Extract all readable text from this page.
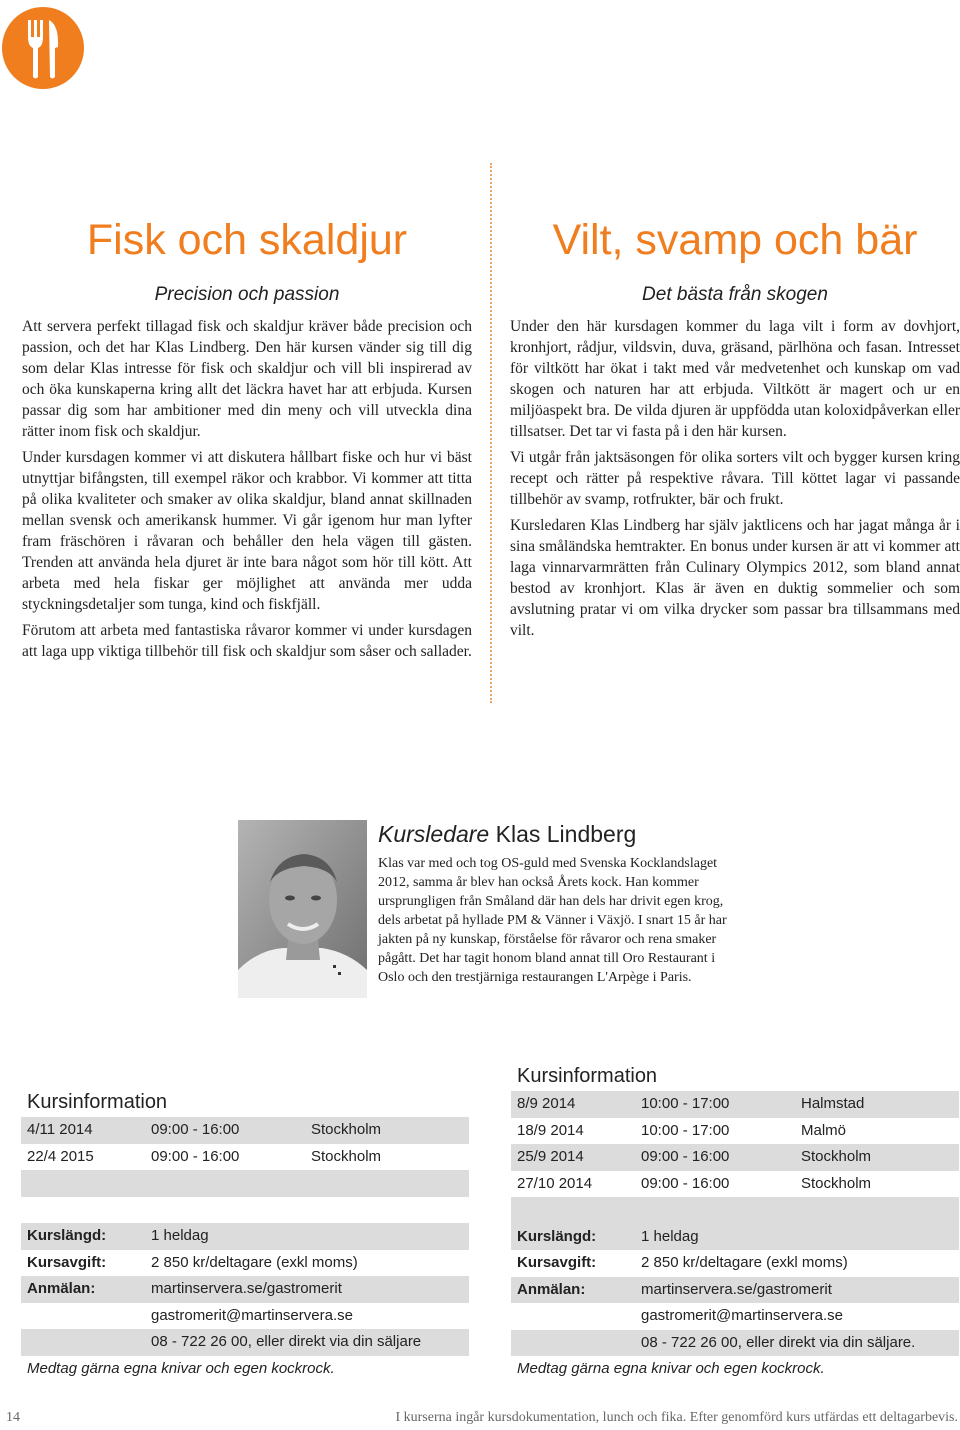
Fisk och skaldjur
Precision och passion

Att servera perfekt tillagad fisk och skaldjur kräver både precision och passion, och det har Klas Lindberg. Den här kursen vänder sig till dig som delar Klas intresse för fisk och skaldjur och vill bli inspirerad av och öka kunskaperna kring allt det läckra havet har att erbjuda. Kursen passar dig som har ambitioner med din meny och vill utveckla dina rätter inom fisk och skaldjur.

Under kursdagen kommer vi att diskutera hållbart fiske och hur vi bäst utnyttjar bifångsten, till exempel räkor och krabbor. Vi kommer att titta på olika kvaliteter och smaker av olika skaldjur, bland annat skillnaden mellan svensk och amerikansk hummer. Vi går igenom hur man lyfter fram fräschören i råvaran och behåller den hela vägen till gästen. Trenden att använda hela djuret är inte bara något som hör till kött. Att arbeta med hela fiskar ger möjlighet att använda mer udda styckningsdetaljer som tunga, kind och fiskfjäll.

Förutom att arbeta med fantastiska råvaror kommer vi under kursdagen att laga upp viktiga tillbehör till fisk och skaldjur som såser och sallader.

Vilt, svamp och bär
Det bästa från skogen

Under den här kursdagen kommer du laga vilt i form av dovhjort, kronhjort, rådjur, vildsvin, duva, gräsand, pärlhöna och fasan. Intresset för viltkött har ökat i takt med vår medvetenhet och kunskap om vad skogen och naturen har att erbjuda. Viltkött är magert och ur en miljöaspekt bra. De vilda djuren är uppfödda utan koloxidpåverkan eller tillsatser. Det tar vi fasta på i den här kursen.

Vi utgår från jaktsäsongen för olika sorters vilt och bygger kursen kring recept och rätter på respektive råvara. Till köttet lagar vi passande tillbehör av svamp, rotfrukter, bär och frukt.

Kursledaren Klas Lindberg har själv jaktlicens och har jagat många år i sina småländska hemtrakter. En bonus under kursen är att vi kommer att laga vinnarvarmrätten från Culinary Olympics 2012, som bland annat bestod av kronhjort. Klas är även en duktig sommelier och som avslutning pratar vi om vilka drycker som passar bra tillsammans med vilt.

Kursledare Klas Lindberg

Klas var med och tog OS-guld med Svenska Kocklandslaget 2012, samma år blev han också Årets kock. Han kommer ursprungligen från Småland där han dels har drivit egen krog, dels arbetat på hyllade PM & Vänner i Växjö. I snart 15 år har jakten på ny kunskap, förståelse för råvaror och rena smaker pågått. Det har tagit honom bland annat till Oro Restaurant i Oslo och den trestjärniga restaurangen L'Arpège i Paris.

Kursinformation
4/11 2014	09:00 - 16:00	Stockholm
22/4 2015	09:00 - 16:00	Stockholm
Kurslängd:	1 heldag
Kursavgift:	2 850 kr/deltagare (exkl moms)
Anmälan:	martinservera.se/gastromerit
gastromerit@martinservera.se
08 - 722 26 00, eller direkt via din säljare
Medtag gärna egna knivar och egen kockrock.
Kursinformation
8/9 2014	10:00 - 17:00	Halmstad
18/9 2014	10:00 - 17:00	Malmö
25/9 2014	09:00 - 16:00	Stockholm
27/10 2014	09:00 - 16:00	Stockholm
Kurslängd:	1 heldag
Kursavgift:	2 850 kr/deltagare (exkl moms)
Anmälan:	martinservera.se/gastromerit
gastromerit@martinservera.se
08 - 722 26 00, eller direkt via din säljare.
Medtag gärna egna knivar och egen kockrock.
14	I kurserna ingår kursdokumentation, lunch och fika. Efter genomförd kurs utfärdas ett deltagarbevis.
